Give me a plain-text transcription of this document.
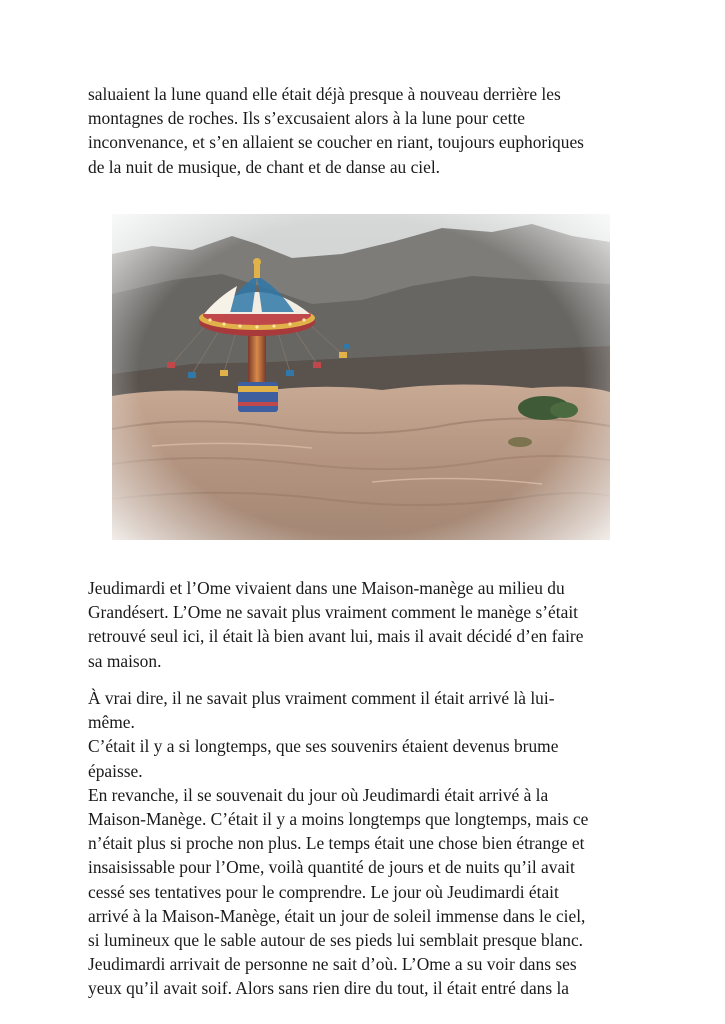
saluaient la lune quand elle était déjà presque à nouveau derrière les
montagnes de roches. Ils s’excusaient alors à la lune pour cette
inconvenance, et s’en allaient se coucher en riant, toujours euphoriques
de la nuit de musique, de chant et de danse au ciel.
Jeudimardi et l’Ome vivaient dans une Maison-manège au milieu du
Grandésert. L’Ome ne savait plus vraiment comment le manège s’était
retrouvé seul ici, il était là bien avant lui, mais il avait décidé d’en faire
sa maison.
À vrai dire, il ne savait plus vraiment comment il était arrivé là lui-
même.
C’était il y a si longtemps, que ses souvenirs étaient devenus brume
épaisse.
En revanche, il se souvenait du jour où Jeudimardi était arrivé à la
Maison-Manège. C’était il y a moins longtemps que longtemps, mais ce
n’était plus si proche non plus. Le temps était une chose bien étrange et
insaisissable pour l’Ome, voilà quantité de jours et de nuits qu’il avait
cessé ses tentatives pour le comprendre. Le jour où Jeudimardi était
arrivé à la Maison-Manège, était un jour de soleil immense dans le ciel,
si lumineux que le sable autour de ses pieds lui semblait presque blanc.
Jeudimardi arrivait de personne ne sait d’où. L’Ome a su voir dans ses
yeux qu’il avait soif. Alors sans rien dire du tout, il était entré dans la
